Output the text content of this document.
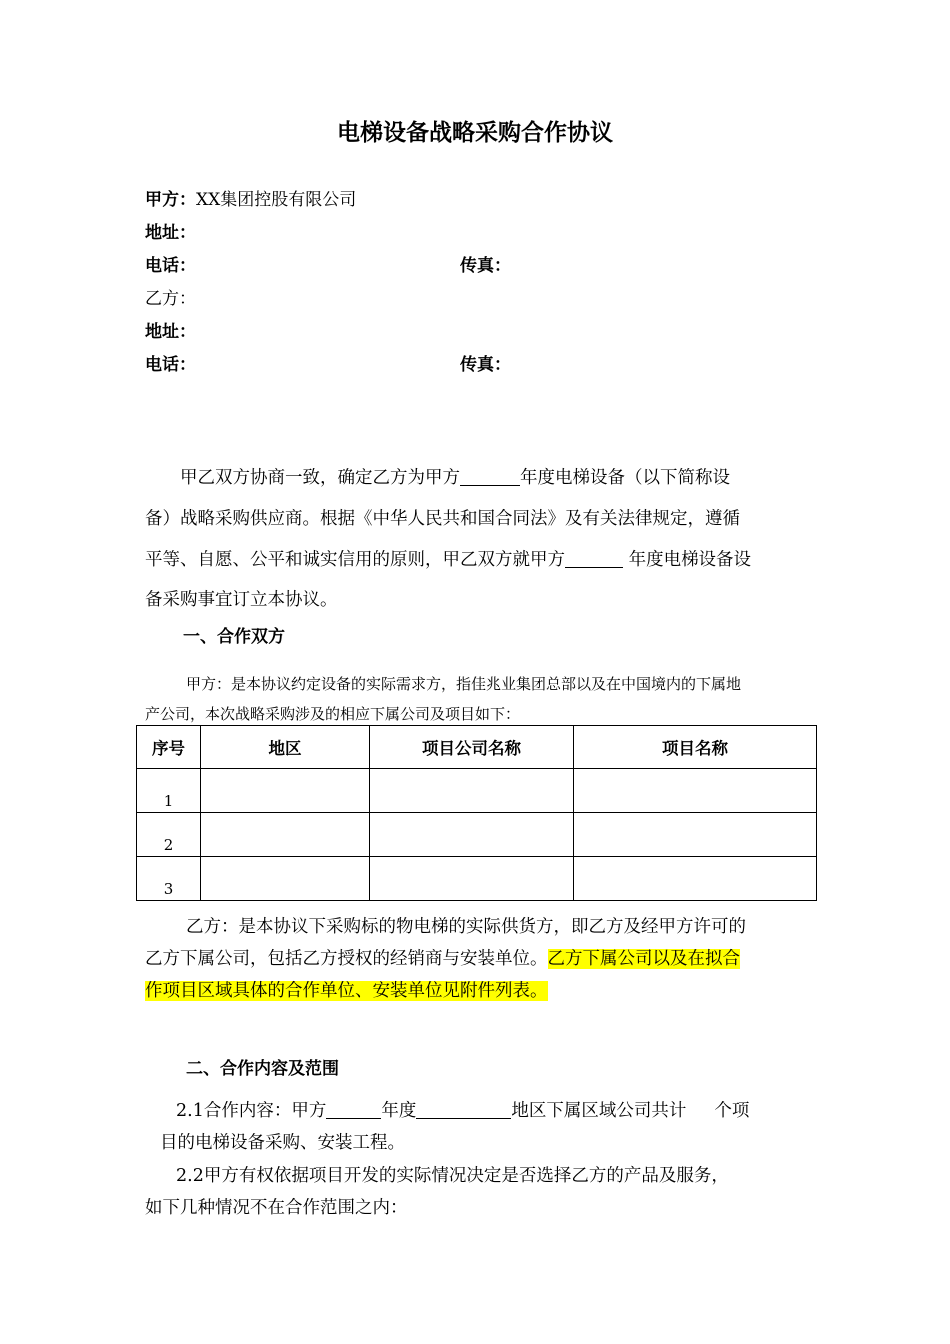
电梯设备战略采购合作协议
甲方：XX集团控股有限公司
地址：
电话：	传真：
乙方：
地址：
电话：	传真：
甲乙双方协商一致，确定乙方为甲方	年度电梯设备（以下简称设
备）战略采购供应商。根据《中华人民共和国合同法》及有关法律规定，遵循
平等、自愿、公平和诚实信用的原则，甲乙双方就甲方	年度电梯设备设
备采购事宜订立本协议。
一、合作双方
甲方：是本协议约定设备的实际需求方，指佳兆业集团总部以及在中国境内的下属地
产公司，本次战略采购涉及的相应下属公司及项目如下：
序号	地区	项目公司名称	项目名称
1			
2			
3			
乙方：是本协议下采购标的物电梯的实际供货方，即乙方及经甲方许可的
乙方下属公司，包括乙方授权的经销商与安装单位。乙方下属公司以及在拟合
作项目区域具体的合作单位、安装单位见附件列表。
二、合作内容及范围
2.1合作内容：甲方	年度	地区下属区域公司共计 个项
目的电梯设备采购、安装工程。
2.2甲方有权依据项目开发的实际情况决定是否选择乙方的产品及服务，
如下几种情况不在合作范围之内：
